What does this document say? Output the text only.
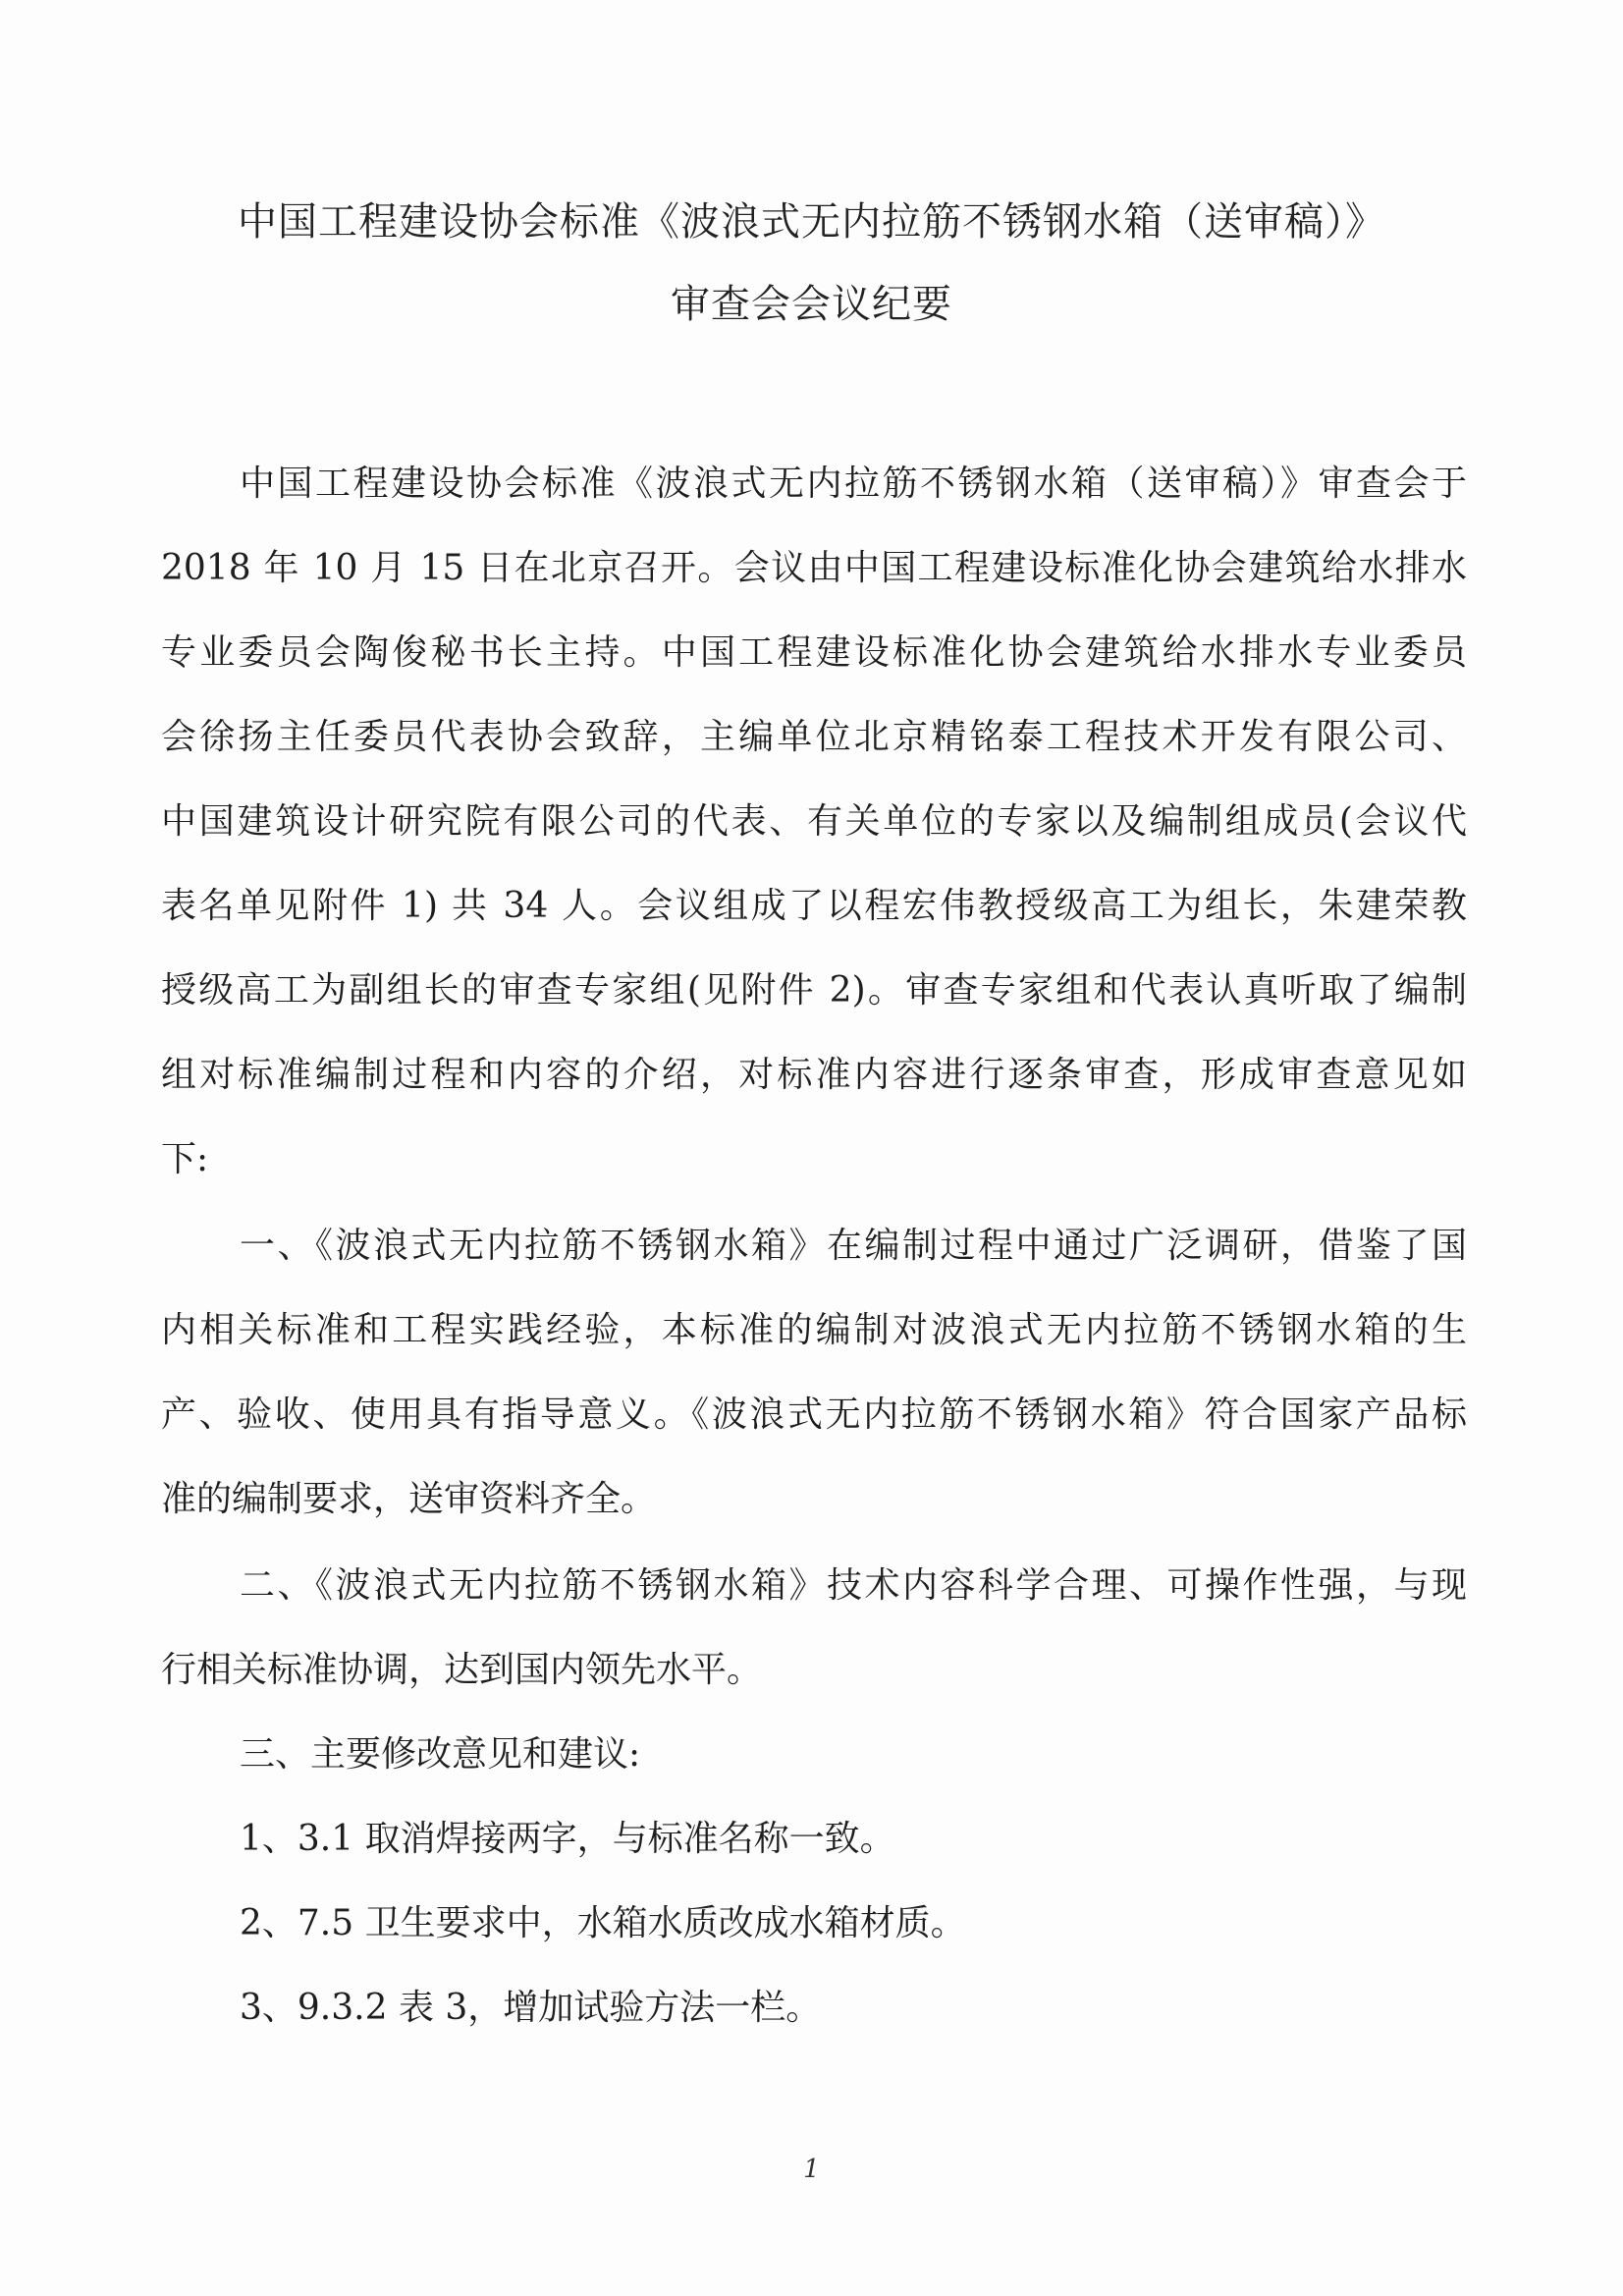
中国工程建设协会标准《波浪式无内拉筋不锈钢水箱（送审稿）》
审查会会议纪要
中国工程建设协会标准《波浪式无内拉筋不锈钢水箱（送审稿）》审查会于
2018 年 10 月 15 日在北京召开。会议由中国工程建设标准化协会建筑给水排水
专业委员会陶俊秘书长主持。中国工程建设标准化协会建筑给水排水专业委员
会徐扬主任委员代表协会致辞，主编单位北京精铭泰工程技术开发有限公司、
中国建筑设计研究院有限公司的代表、有关单位的专家以及编制组成员(会议代
表名单见附件 1) 共 34 人。会议组成了以程宏伟教授级高工为组长，朱建荣教
授级高工为副组长的审查专家组(见附件 2)。审查专家组和代表认真听取了编制
组对标准编制过程和内容的介绍，对标准内容进行逐条审查，形成审查意见如
下:
一、《波浪式无内拉筋不锈钢水箱》在编制过程中通过广泛调研，借鉴了国
内相关标准和工程实践经验，本标准的编制对波浪式无内拉筋不锈钢水箱的生
产、验收、使用具有指导意义。《波浪式无内拉筋不锈钢水箱》符合国家产品标
准的编制要求，送审资料齐全。
二、《波浪式无内拉筋不锈钢水箱》技术内容科学合理、可操作性强，与现
行相关标准协调，达到国内领先水平。
三、主要修改意见和建议:
1、3.1 取消焊接两字，与标准名称一致。
2、7.5 卫生要求中，水箱水质改成水箱材质。
3、9.3.2 表 3，增加试验方法一栏。
1
